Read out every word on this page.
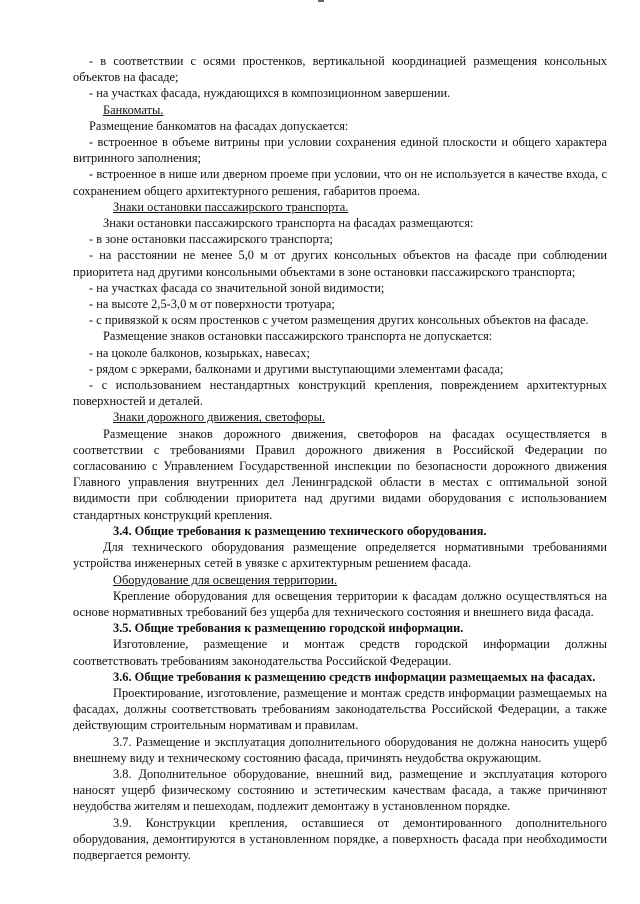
- в соответствии с осями простенков, вертикальной координацией размещения консольных объектов на фасаде;

- на участках фасада, нуждающихся в композиционном завершении.

Банкоматы.

Размещение банкоматов на фасадах допускается:

- встроенное в объеме витрины при условии сохранения единой плоскости и общего характера витринного заполнения;

- встроенное в нише или дверном проеме при условии, что он не используется в качестве входа, с сохранением общего архитектурного решения, габаритов проема.

Знаки остановки пассажирского транспорта.

Знаки остановки пассажирского транспорта на фасадах размещаются:

- в зоне остановки пассажирского транспорта;

- на расстоянии не менее 5,0 м от других консольных объектов на фасаде при соблюдении приоритета над другими консольными объектами в зоне остановки пассажирского транспорта;

- на участках фасада со значительной зоной видимости;

- на высоте 2,5-3,0 м от поверхности тротуара;

- с привязкой к осям простенков с учетом размещения других консольных объектов на фасаде.

Размещение знаков остановки пассажирского транспорта не допускается:

- на цоколе балконов, козырьках, навесах;

- рядом с эркерами, балконами и другими выступающими элементами фасада;

- с использованием нестандартных конструкций крепления, повреждением архитектурных поверхностей и деталей.

Знаки дорожного движения, светофоры.

Размещение знаков дорожного движения, светофоров на фасадах осуществляется в соответствии с требованиями Правил дорожного движения в Российской Федерации по согласованию с Управлением Государственной инспекции по безопасности дорожного движения Главного управления внутренних дел Ленинградской области в местах с оптимальной зоной видимости при соблюдении приоритета над другими видами оборудования с использованием стандартных конструкций крепления.

3.4. Общие требования к размещению технического оборудования.

Для технического оборудования размещение определяется нормативными требованиями устройства инженерных сетей в увязке с архитектурным решением фасада.

Оборудование для освещения территории.

Крепление оборудования для освещения территории к фасадам должно осуществляться на основе нормативных требований без ущерба для технического состояния и внешнего вида фасада.

3.5. Общие требования к размещению городской информации.

Изготовление, размещение и монтаж средств городской информации должны соответствовать требованиям законодательства Российской Федерации.

3.6. Общие требования к размещению средств информации размещаемых на фасадах.

Проектирование, изготовление, размещение и монтаж средств информации размещаемых на фасадах, должны соответствовать требованиям законодательства Российской Федерации, а также действующим строительным нормативам и правилам.

3.7. Размещение и эксплуатация дополнительного оборудования не должна наносить ущерб внешнему виду и техническому состоянию фасада, причинять неудобства окружающим.

3.8. Дополнительное оборудование, внешний вид, размещение и эксплуатация которого наносят ущерб физическому состоянию и эстетическим качествам фасада, а также причиняют неудобства жителям и пешеходам, подлежит демонтажу в установленном порядке.

3.9. Конструкции крепления, оставшиеся от демонтированного дополнительного оборудования, демонтируются в установленном порядке, а поверхность фасада при необходимости подвергается ремонту.
